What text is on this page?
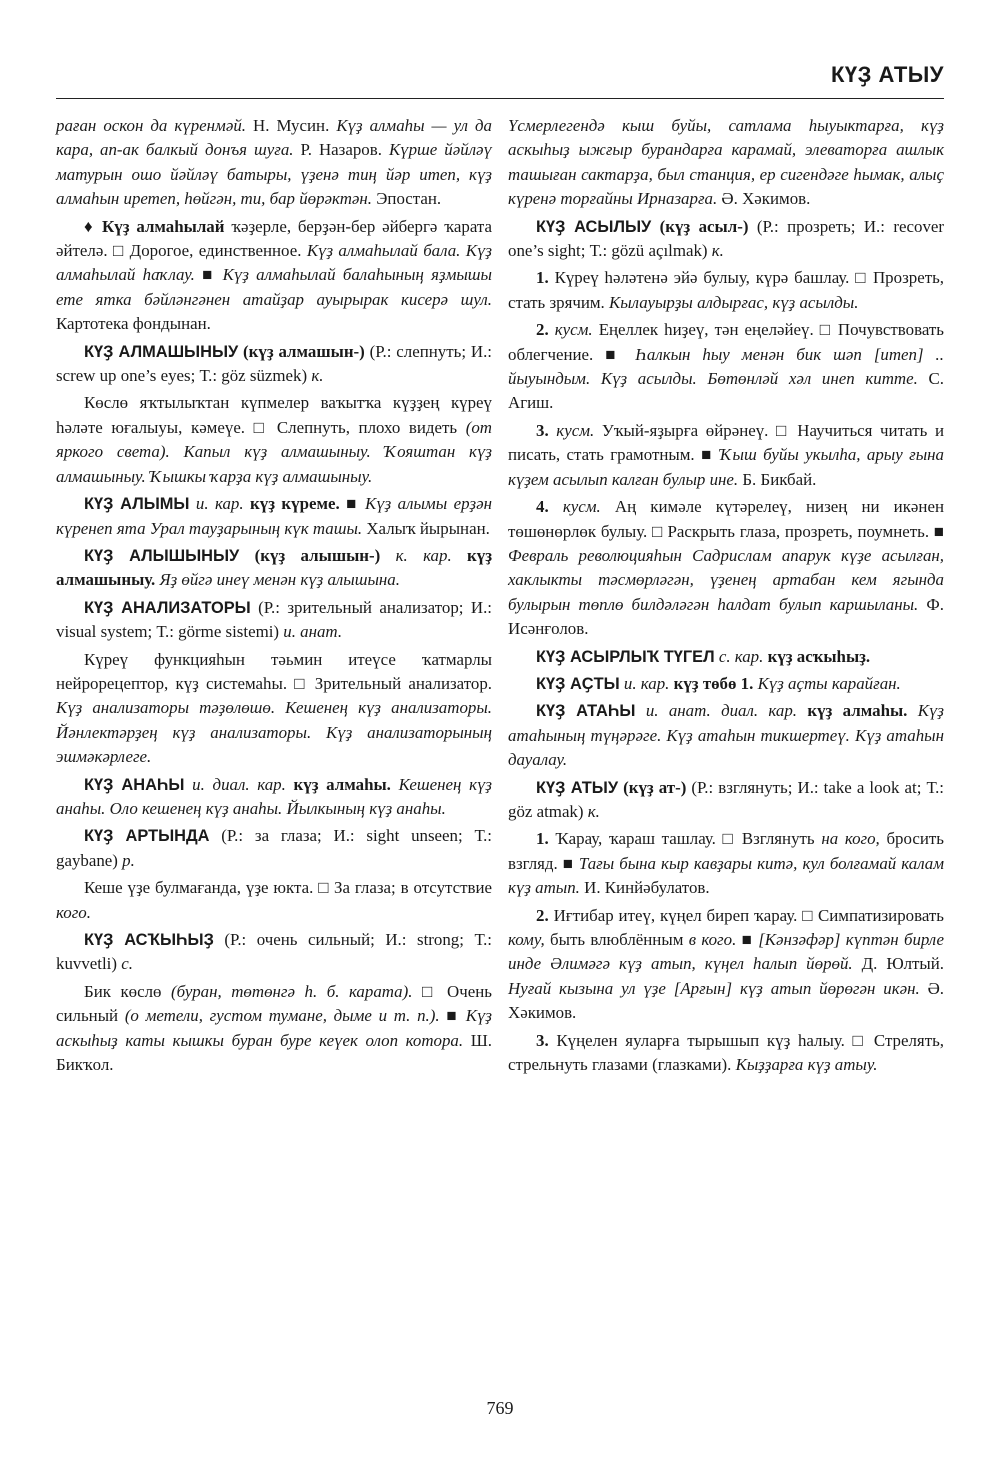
КҮҘ АТЫУ

раған оскон да күренмәй. Н. Мусин. Күҙ алмаһы — ул да кара, ап-ак балкый донъя шуға. Р. Назаров. Күрше йәйләү матурын ошо йәйләү батыры, үҙенә тиң йәр итеп, күҙ алмаһын иретеп, һөйгән, ти, бар йөрәктән. Эпостан.

♦ Күҙ алмаһылай ҡәҙерле, берҙән-бер әйбергә ҡарата әйтелә. □ Дорогое, единственное. Күҙ алмаһылай бала. Күҙ алмаһылай һаҡлау. ■ Күҙ алмаһылай балаһының яҙмышы ете ятка бәйләнгәнен атайҙар ауырырак кисерә шул. Картотека фондынан.

КҮҘ АЛМАШЫНЫУ (күҙ алмашын-) (Р.: слепнуть; И.: screw up one’s eyes; Т.: göz süzmek) к.

Көслө яҡтылыҡтан күпмелер ваҡытҡа күҙҙең күреү һәләте юғалыуы, кәмеүе. □ Слепнуть, плохо видеть (от яркого света). Капыл күҙ алмашыныу. Ҡояштан күҙ алмашыныу. Ҡышкы ҡарҙа күҙ алмашыныу.

КҮҘ АЛЫМЫ и. кар. күҙ күреме. ■ Күҙ алымы ерҙән күренеп ята Урал тауҙарының күк ташы. Халыҡ йырынан.

КҮҘ АЛЫШЫНЫУ (күҙ алышын-) к. кар. күҙ алмашыныу. Яҙ өйгә инеү менән күҙ алышына.

КҮҘ АНАЛИЗАТОРЫ (Р.: зрительный анализатор; И.: visual system; Т.: görme sistemi) и. анат.

Күреү функцияһын тәьмин итеүсе ҡатмарлы нейрорецептор, күҙ системаһы. □ Зрительный анализатор. Күҙ анализаторы тәҙөлөшө. Кешенең күҙ анализаторы. Йәнлектәрҙең күҙ анализаторы. Күҙ анализаторының эшмәкәрлеге.

КҮҘ АНАҺЫ и. диал. кар. күҙ алмаһы. Кешенең күҙ анаһы. Оло кешенең күҙ анаһы. Йылкының күҙ анаһы.

КҮҘ АРТЫНДА (Р.: за глаза; И.: sight unseen; Т.: gaybane) р.

Кеше үҙе булмағанда, үҙе юкта. □ За глаза; в отсутствие кого.

КҮҘ АСҠЫҺЫҘ (Р.: очень сильный; И.: strong; Т.: kuvvetli) с.

Бик көслө (буран, төтөнгә һ. б. карата). □ Очень сильный (о метели, густом тумане, дыме и т. п.). ■ Күҙ аскыһыҙ каты кышкы буран буре кеүек олоп котора. Ш. Бикҡол.

Үсмерлегендә кыш буйы, сатлама һыуыктарға, күҙ аскыһыҙ ыжғыр бурандарға карамай, элеваторға ашлык ташыған сактарҙа, был станция, ер сигендәге һымак, алыҫ күренә торғайны Ирназарға. Ә. Хәкимов.

КҮҘ АСЫЛЫУ (күҙ асыл-) (Р.: прозреть; И.: recover one’s sight; Т.: gözü açılmak) к.

1. Күреү һәләтенә эйә булыу, күрә башлау. □ Прозреть, стать зрячим. Кылауырҙы алдырғас, күҙ асылды.

2. кусм. Еңеллек һиҙеү, тән еңеләйеү. □ Почувствовать облегчение. ■ Һалкын һыу менән бик шәп [итеп] .. йыуындым. Күҙ асылды. Бөтөнләй хәл инеп китте. С. Агиш.

3. кусм. Уҡый-яҙырға өйрәнеү. □ Научиться читать и писать, стать грамотным. ■ Ҡыш буйы укылһа, арыу ғына күҙем асылып калған булыр ине. Б. Бикбай.

4. кусм. Аң кимәле күтәрелеү, низең ни икәнен төшөнөрлөк булыу. □ Раскрыть глаза, прозреть, поумнеть. ■ Февраль революцияһын Садрислам апарук күҙе асылған, хаклыкты тәсмөрләгән, үҙенең артабан кем ягында булырын төплө билдәләгән һалдат булып каршыланы. Ф. Исәнғолов.

КҮҘ АСЫРЛЫҠ ТҮГЕЛ с. кар. күҙ асҡыһыҙ.

КҮҘ АҪТЫ и. кар. күҙ төбө 1. Күҙ аҫты карайған.

КҮҘ АТАҺЫ и. анат. диал. кар. күҙ алмаһы. Күҙ атаһының түңәрәге. Күҙ атаһын тикшертеү. Күҙ атаһын дауалау.

КҮҘ АТЫУ (күҙ ат-) (Р.: взглянуть; И.: take a look at; Т.: göz atmak) к.

1. Ҡарау, ҡараш ташлау. □ Взглянуть на кого, бросить взгляд. ■ Тағы бына кыр кавҙары китә, кул болғамай калам күҙ атып. И. Кинйәбулатов.

2. Иғтибар итеү, күңел биреп ҡарау. □ Симпатизировать кому, быть влюблённым в кого. ■ [Кәнзәфәр] күптән бирле инде Әлимәгә күҙ атып, күңел һалып йөрөй. Д. Юлтый. Нуғай кызына ул үҙе [Арғын] күҙ атып йөрөгән икән. Ә. Хәкимов.

3. Күңелен яуларға тырышып күҙ һалыу. □ Стрелять, стрельнуть глазами (глазками). Кыҙҙарға күҙ атыу.

769
